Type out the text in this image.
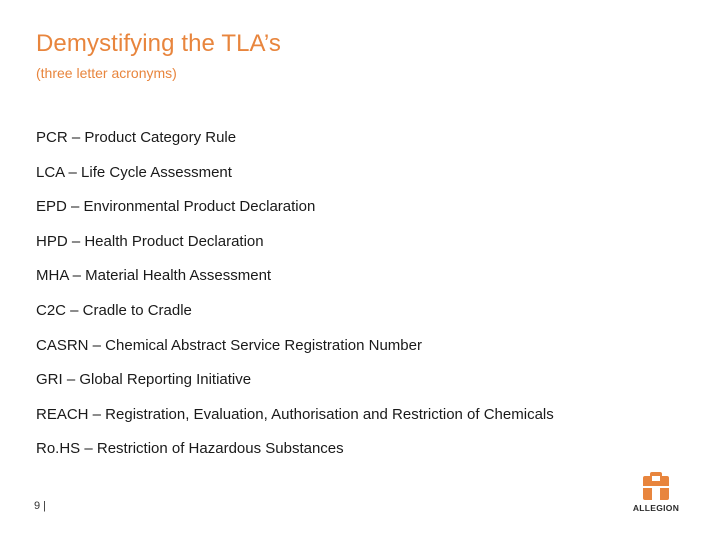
Demystifying the TLA’s
(three letter acronyms)
PCR – Product Category Rule
LCA – Life Cycle Assessment
EPD – Environmental Product Declaration
HPD – Health Product Declaration
MHA – Material Health Assessment
C2C – Cradle to Cradle
CASRN – Chemical Abstract Service Registration Number
GRI – Global Reporting Initiative
REACH – Registration, Evaluation, Authorisation and Restriction of Chemicals
Ro.HS – Restriction of Hazardous Substances
9 |	ALLEGION
